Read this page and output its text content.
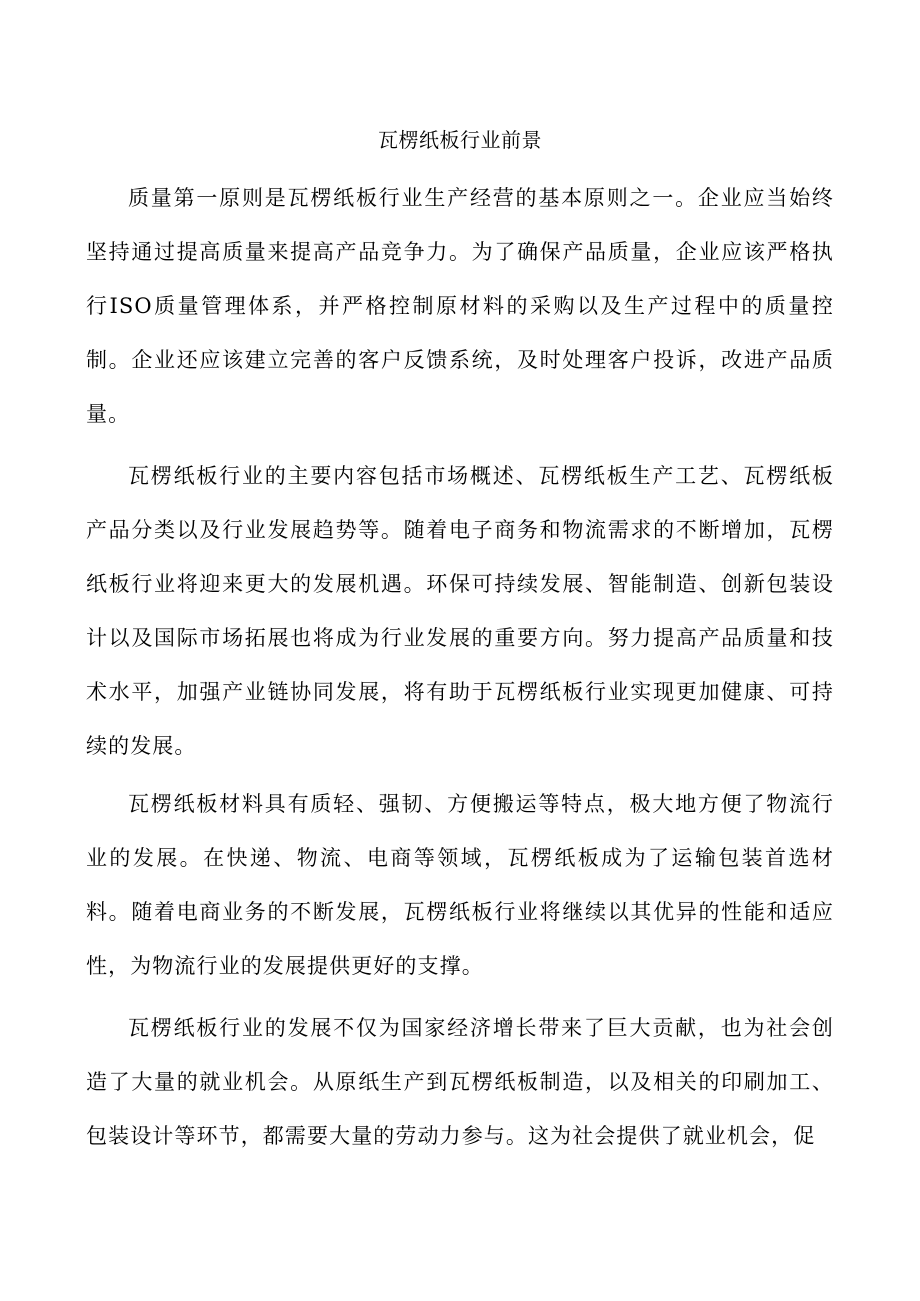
瓦楞纸板行业前景

质量第一原则是瓦楞纸板行业生产经营的基本原则之一。企业应当始终坚持通过提高质量来提高产品竞争力。为了确保产品质量，企业应该严格执行ISO质量管理体系，并严格控制原材料的采购以及生产过程中的质量控制。企业还应该建立完善的客户反馈系统，及时处理客户投诉，改进产品质量。

瓦楞纸板行业的主要内容包括市场概述、瓦楞纸板生产工艺、瓦楞纸板产品分类以及行业发展趋势等。随着电子商务和物流需求的不断增加，瓦楞纸板行业将迎来更大的发展机遇。环保可持续发展、智能制造、创新包装设计以及国际市场拓展也将成为行业发展的重要方向。努力提高产品质量和技术水平，加强产业链协同发展，将有助于瓦楞纸板行业实现更加健康、可持续的发展。

瓦楞纸板材料具有质轻、强韧、方便搬运等特点，极大地方便了物流行业的发展。在快递、物流、电商等领域，瓦楞纸板成为了运输包装首选材料。随着电商业务的不断发展，瓦楞纸板行业将继续以其优异的性能和适应性，为物流行业的发展提供更好的支撑。

瓦楞纸板行业的发展不仅为国家经济增长带来了巨大贡献，也为社会创造了大量的就业机会。从原纸生产到瓦楞纸板制造，以及相关的印刷加工、包装设计等环节，都需要大量的劳动力参与。这为社会提供了就业机会，促
